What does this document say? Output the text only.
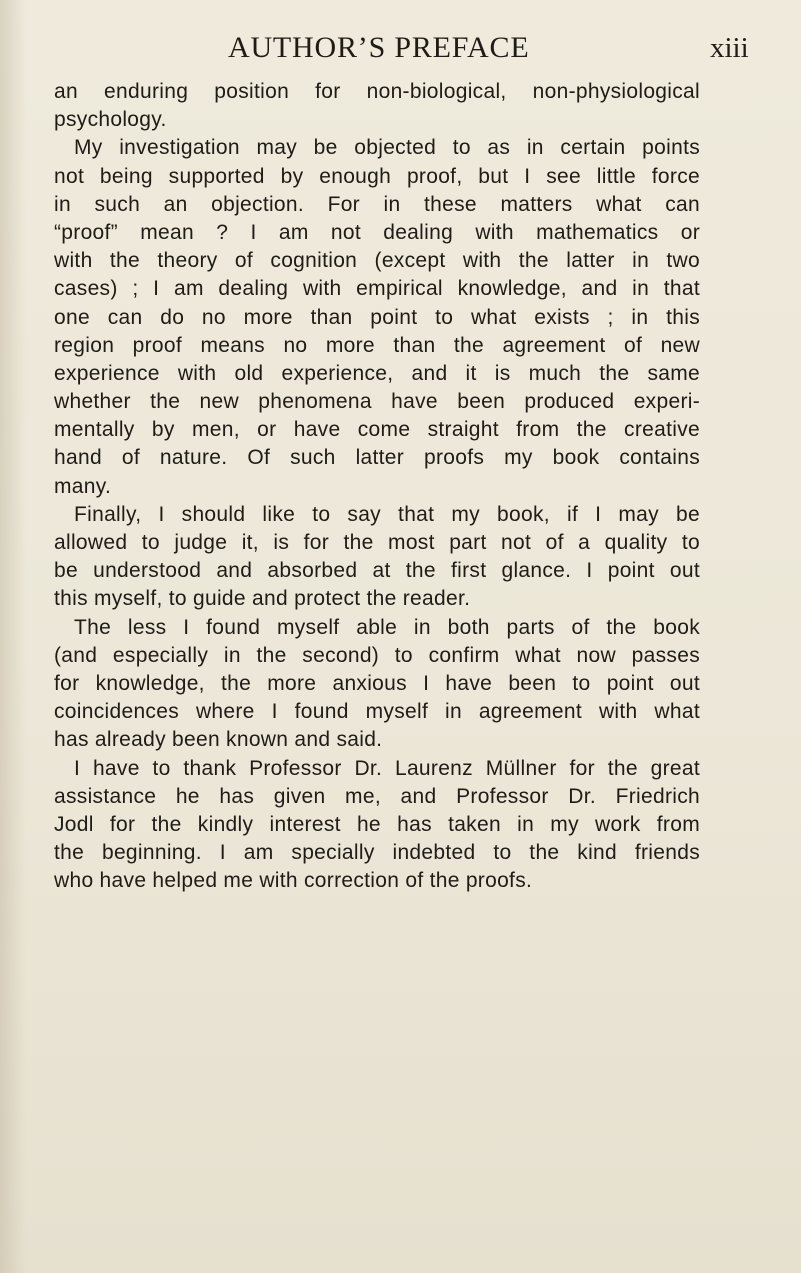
AUTHOR’S PREFACE	xiii
an enduring position for non-biological, non-physiological
psychology.
My investigation may be objected to as in certain points
not being supported by enough proof, but I see little force
in such an objection. For in these matters what can
“proof” mean ? I am not dealing with mathematics or
with the theory of cognition (except with the latter in two
cases) ; I am dealing with empirical knowledge, and in that
one can do no more than point to what exists ; in this
region proof means no more than the agreement of new
experience with old experience, and it is much the same
whether the new phenomena have been produced experi-
mentally by men, or have come straight from the creative
hand of nature. Of such latter proofs my book contains
many.
Finally, I should like to say that my book, if I may be
allowed to judge it, is for the most part not of a quality to
be understood and absorbed at the first glance. I point out
this myself, to guide and protect the reader.
The less I found myself able in both parts of the book
(and especially in the second) to confirm what now passes
for knowledge, the more anxious I have been to point out
coincidences where I found myself in agreement with what
has already been known and said.
I have to thank Professor Dr. Laurenz Müllner for the great
assistance he has given me, and Professor Dr. Friedrich
Jodl for the kindly interest he has taken in my work from
the beginning. I am specially indebted to the kind friends
who have helped me with correction of the proofs.
